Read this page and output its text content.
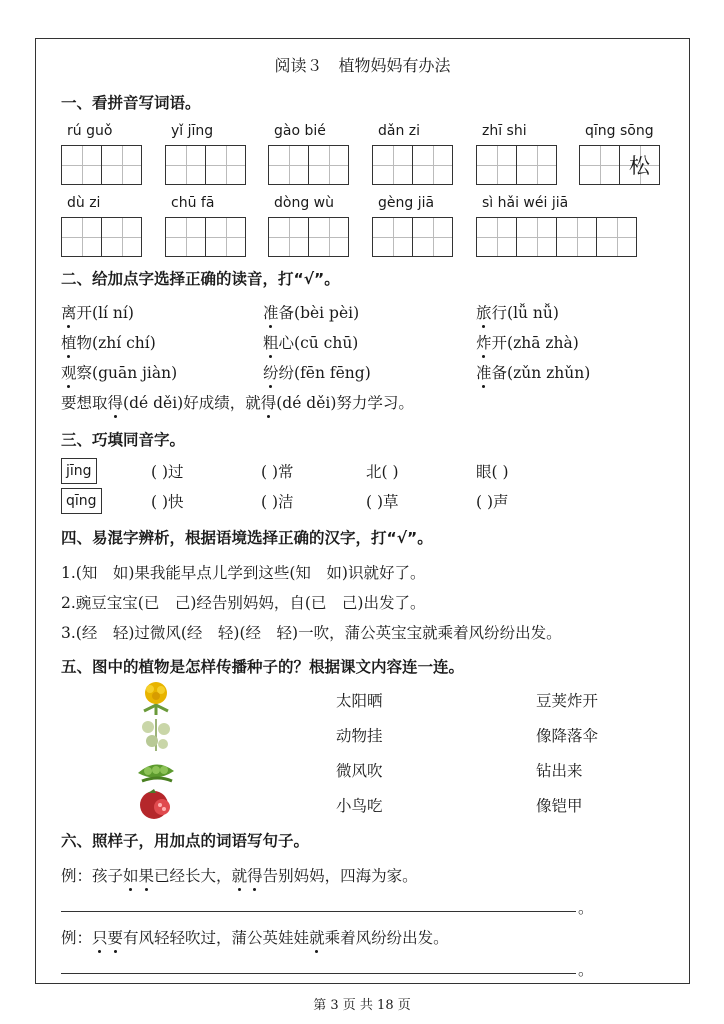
阅读３　植物妈妈有办法
一、看拼音写词语。
rú guǒ	yǐ jīng	gào bié	dǎn zi	zhī shi	qīng sōng
松
dù zi	chū fā	dòng wù	gèng jiā	sì hǎi wéi jiā
二、给加点字选择正确的读音，打“√”。
离开(lí ní)	准备(bèi pèi)	旅行(lǚ nǚ)
植物(zhí chí)	粗心(cū chū)	炸开(zhā zhà)
观察(guān jiàn)	纷纷(fēn fēng)	准备(zǔn zhǔn)
要想取得(dé děi)好成绩，就得(dé děi)努力学习。
三、巧填同音字。
jīng	( )过	( )常	北( )	眼( )
qīng	( )快	( )洁	( )草	( )声
四、易混字辨析，根据语境选择正确的汉字，打“√”。
1.(知　如)果我能早点儿学到这些(知　如)识就好了。
2.豌豆宝宝(已　己)经告别妈妈，自(已　己)出发了。
3.(经　轻)过微风(经　轻)(经　轻)一吹，蒲公英宝宝就乘着风纷纷出发。
五、图中的植物是怎样传播种子的？根据课文内容连一连。
太阳晒
动物挂
微风吹
小鸟吃
豆荚炸开
像降落伞
钻出来
像铠甲
六、照样子，用加点的词语写句子。
例：孩子如果已经长大，就得告别妈妈，四海为家。
。
例：只要有风轻轻吹过，蒲公英娃娃就乘着风纷纷出发。
。
第 3 页 共 18 页
